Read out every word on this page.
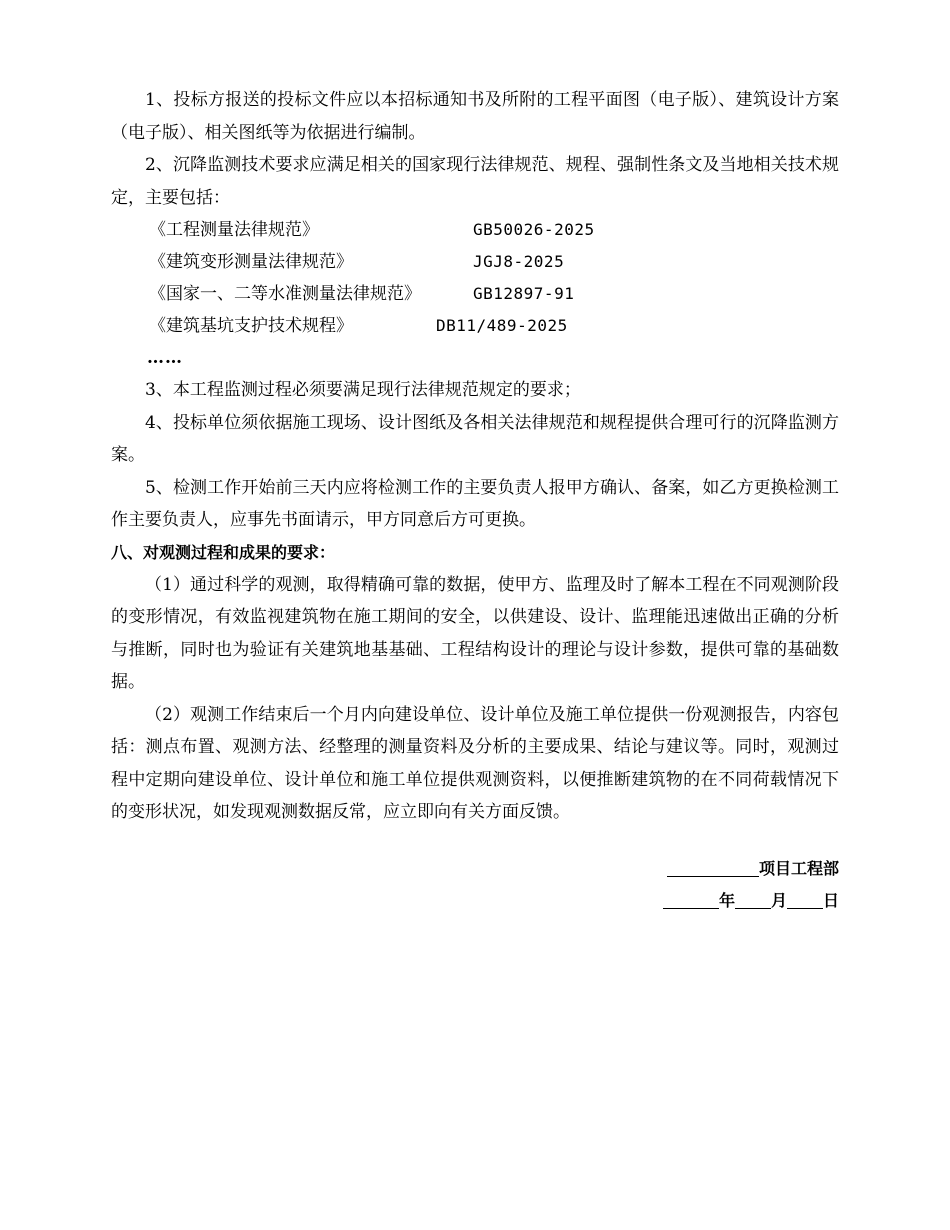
1、投标方报送的投标文件应以本招标通知书及所附的工程平面图（电子版）、建筑设计方案（电子版）、相关图纸等为依据进行编制。

2、沉降监测技术要求应满足相关的国家现行法律规范、规程、强制性条文及当地相关技术规定，主要包括：

《工程测量法律规范》	GB50026-2025
《建筑变形测量法律规范》	JGJ8-2025
《国家一、二等水准测量法律规范》	GB12897-91
《建筑基坑支护技术规程》	DB11/489-2025
……

3、本工程监测过程必须要满足现行法律规范规定的要求；

4、投标单位须依据施工现场、设计图纸及各相关法律规范和规程提供合理可行的沉降监测方案。

5、检测工作开始前三天内应将检测工作的主要负责人报甲方确认、备案，如乙方更换检测工作主要负责人，应事先书面请示，甲方同意后方可更换。

八、对观测过程和成果的要求：

（1）通过科学的观测，取得精确可靠的数据，使甲方、监理及时了解本工程在不同观测阶段的变形情况，有效监视建筑物在施工期间的安全，以供建设、设计、监理能迅速做出正确的分析与推断，同时也为验证有关建筑地基基础、工程结构设计的理论与设计参数，提供可靠的基础数据。

（2）观测工作结束后一个月内向建设单位、设计单位及施工单位提供一份观测报告，内容包括：测点布置、观测方法、经整理的测量资料及分析的主要成果、结论与建议等。同时，观测过程中定期向建设单位、设计单位和施工单位提供观测资料，以便推断建筑物的在不同荷载情况下的变形状况，如发现观测数据反常，应立即向有关方面反馈。

项目工程部
年 月 日
